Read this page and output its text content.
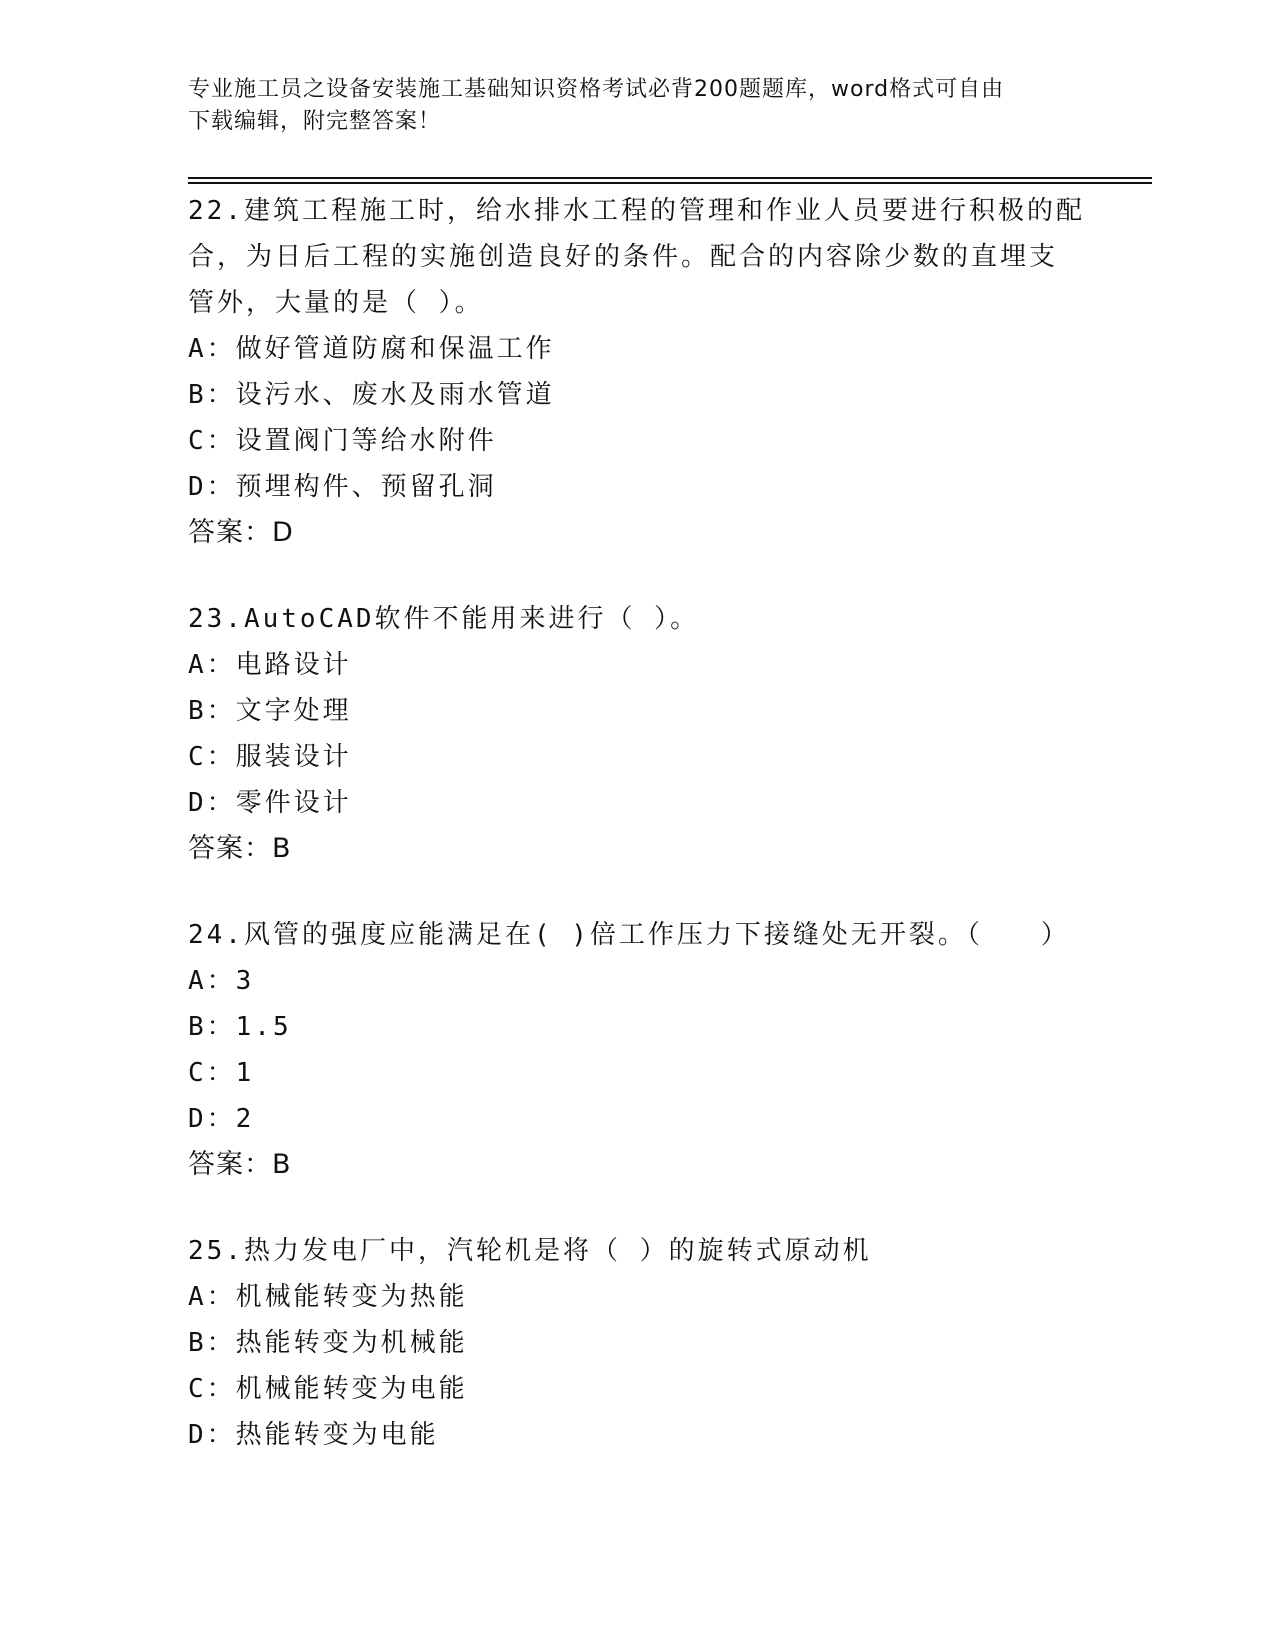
专业施工员之设备安装施工基础知识资格考试必背200题题库，word格式可自由
下载编辑，附完整答案！
22.建筑工程施工时，给水排水工程的管理和作业人员要进行积极的配
合，为日后工程的实施创造良好的条件。配合的内容除少数的直埋支
管外，大量的是（ ）。
A：做好管道防腐和保温工作
B：设污水、废水及雨水管道
C：设置阀门等给水附件
D：预埋构件、预留孔洞
答案：D
23.AutoCAD软件不能用来进行（ ）。
A：电路设计
B：文字处理
C：服装设计
D：零件设计
答案：B
24.风管的强度应能满足在( )倍工作压力下接缝处无开裂。（　　）
A：3
B：1.5
C：1
D：2
答案：B
25.热力发电厂中，汽轮机是将（ ）的旋转式原动机
A：机械能转变为热能
B：热能转变为机械能
C：机械能转变为电能
D：热能转变为电能
